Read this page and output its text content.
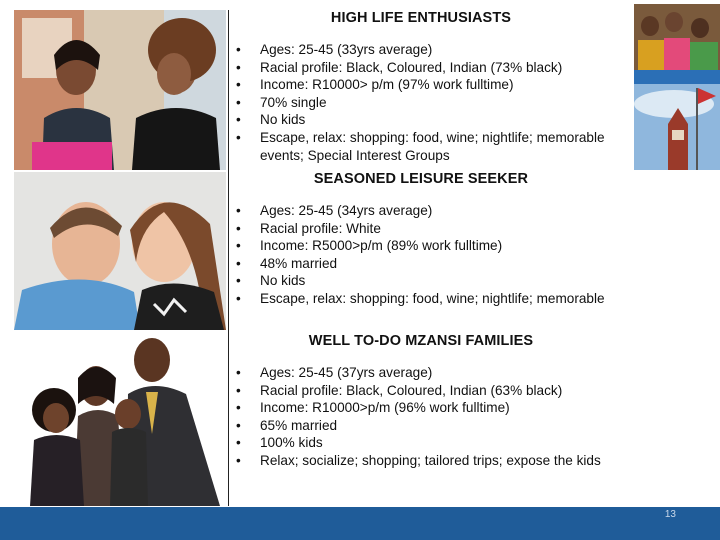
HIGH LIFE ENTHUSIASTS
• Ages: 25-45 (33yrs average)
• Racial profile: Black, Coloured, Indian (73% black)
• Income: R10000> p/m (97% work fulltime)
• 70% single
• No kids
• Escape, relax: shopping: food, wine; nightlife; memorable events; Special Interest Groups
SEASONED LEISURE SEEKER
• Ages: 25-45 (34yrs average)
• Racial profile: White
• Income: R5000>p/m (89% work fulltime)
• 48% married
• No kids
• Escape, relax: shopping: food, wine; nightlife; memorable
WELL TO-DO MZANSI FAMILIES
• Ages: 25-45 (37yrs average)
• Racial profile: Black, Coloured, Indian (63% black)
• Income: R10000>p/m (96% work fulltime)
• 65% married
• 100% kids
• Relax; socialize; shopping; tailored trips; expose the kids
13
